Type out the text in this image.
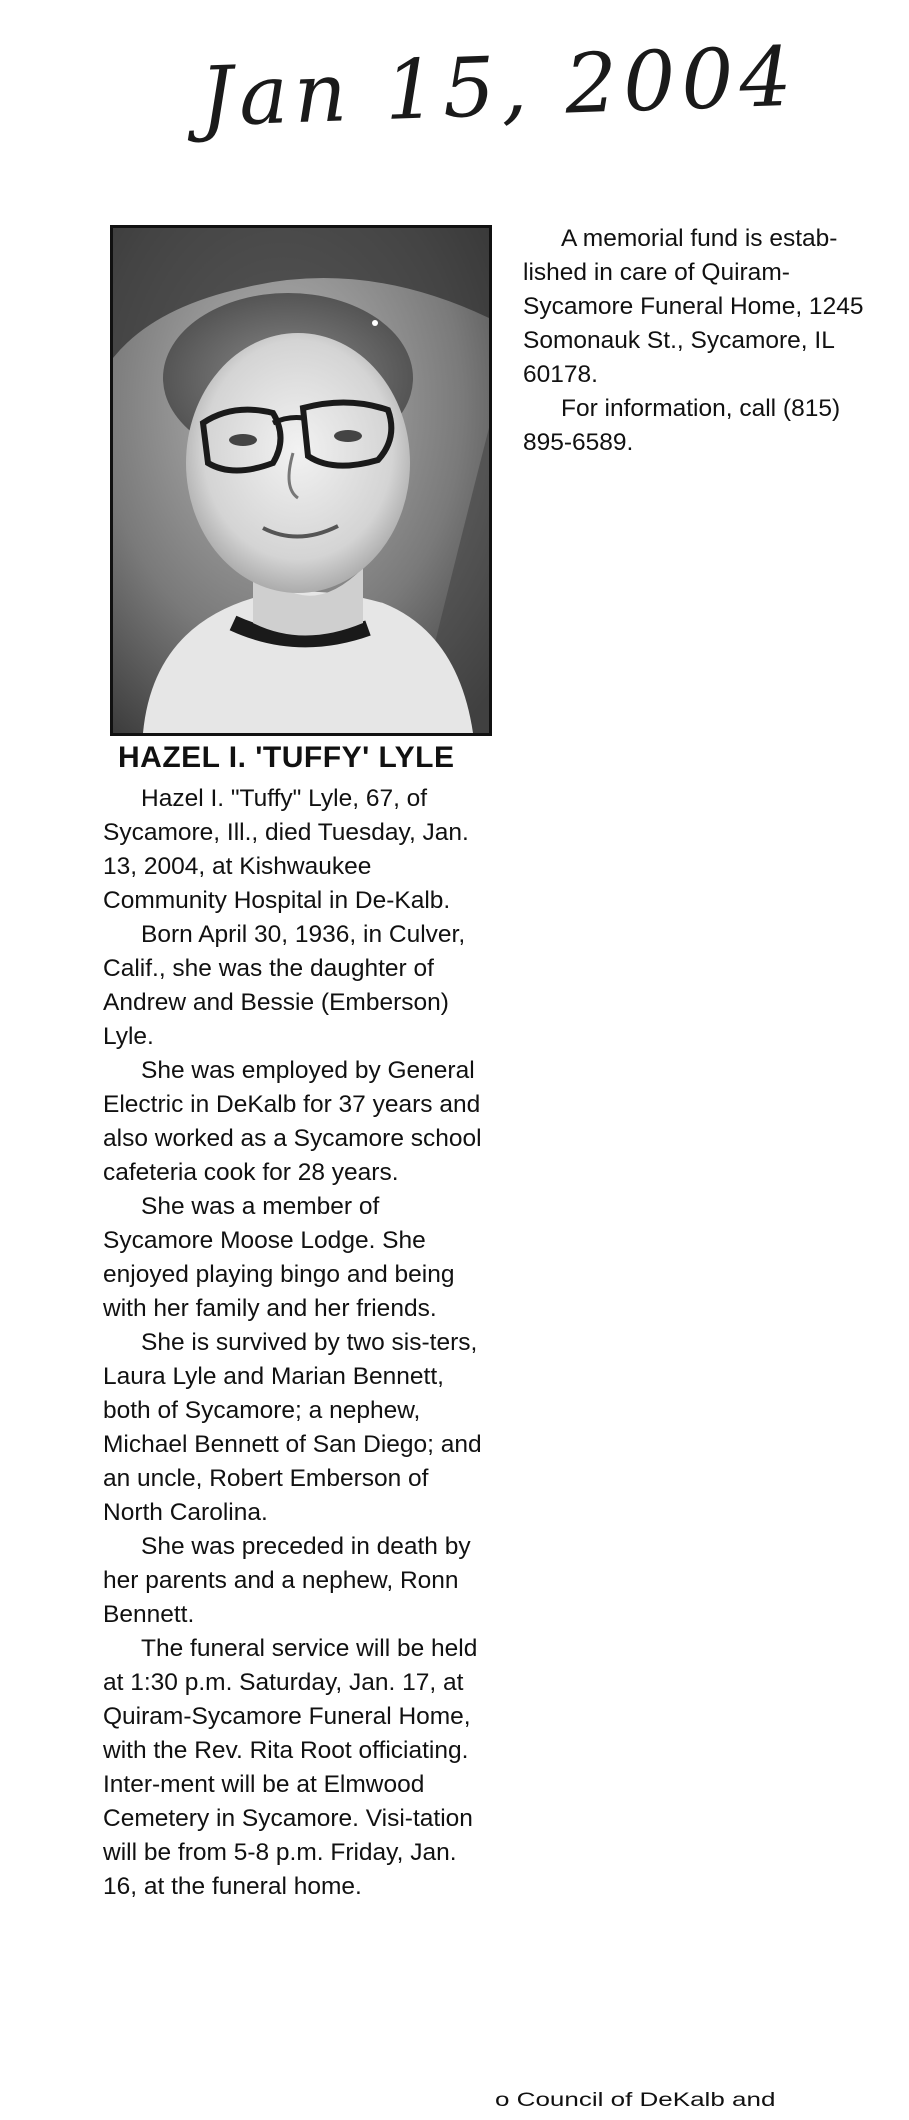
Jan 15, 2004
HAZEL I. 'TUFFY' LYLE

Hazel I. "Tuffy" Lyle, 67, of Sycamore, Ill., died Tuesday, Jan. 13, 2004, at Kishwaukee Community Hospital in De-Kalb.

Born April 30, 1936, in Culver, Calif., she was the daughter of Andrew and Bessie (Emberson) Lyle.

She was employed by General Electric in DeKalb for 37 years and also worked as a Sycamore school cafeteria cook for 28 years.

She was a member of Sycamore Moose Lodge. She enjoyed playing bingo and being with her family and her friends.

She is survived by two sis-ters, Laura Lyle and Marian Bennett, both of Sycamore; a nephew, Michael Bennett of San Diego; and an uncle, Robert Emberson of North Carolina.

She was preceded in death by her parents and a nephew, Ronn Bennett.

The funeral service will be held at 1:30 p.m. Saturday, Jan. 17, at Quiram-Sycamore Funeral Home, with the Rev. Rita Root officiating. Inter-ment will be at Elmwood Cemetery in Sycamore. Visi-tation will be from 5-8 p.m. Friday, Jan. 16, at the funeral home.

A memorial fund is estab-lished in care of Quiram-Sycamore Funeral Home, 1245 Somonauk St., Sycamore, IL 60178.

For information, call (815) 895-6589.

o Council of DeKalb and
